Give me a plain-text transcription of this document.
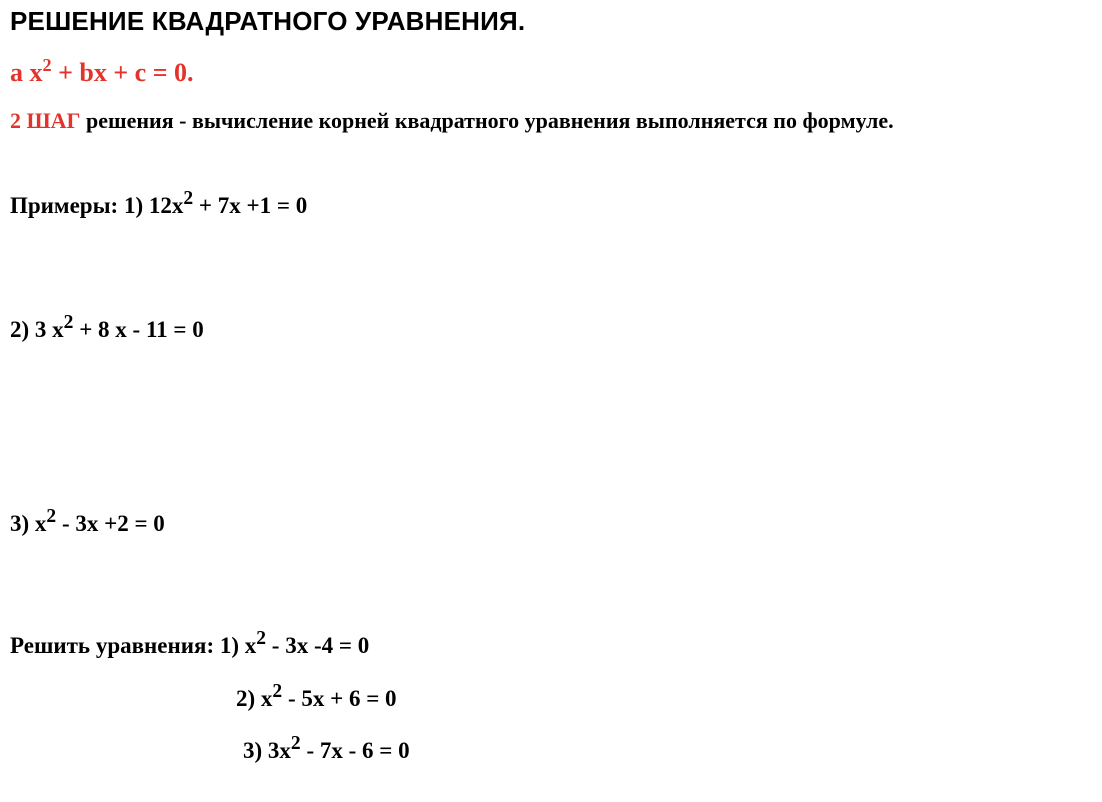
РЕШЕНИЕ КВАДРАТНОГО УРАВНЕНИЯ.
a $x^2$ + bx + c = 0.
2 ШАГ решения - вычисление корней квадратного уравнения выполняется по формуле.
Примеры: 1) $12x^2 + 7x +1 = 0$
2) 3 $x^2 + 8$ x - 11 = 0
3) $x^2 - 3x +2 = 0$
Решить уравнения: 1) $x^2 - 3x$ -4 = 0
2) $x^2 - 5x + 6 = 0$
3) $3x^2 - 7x - 6 = 0$
